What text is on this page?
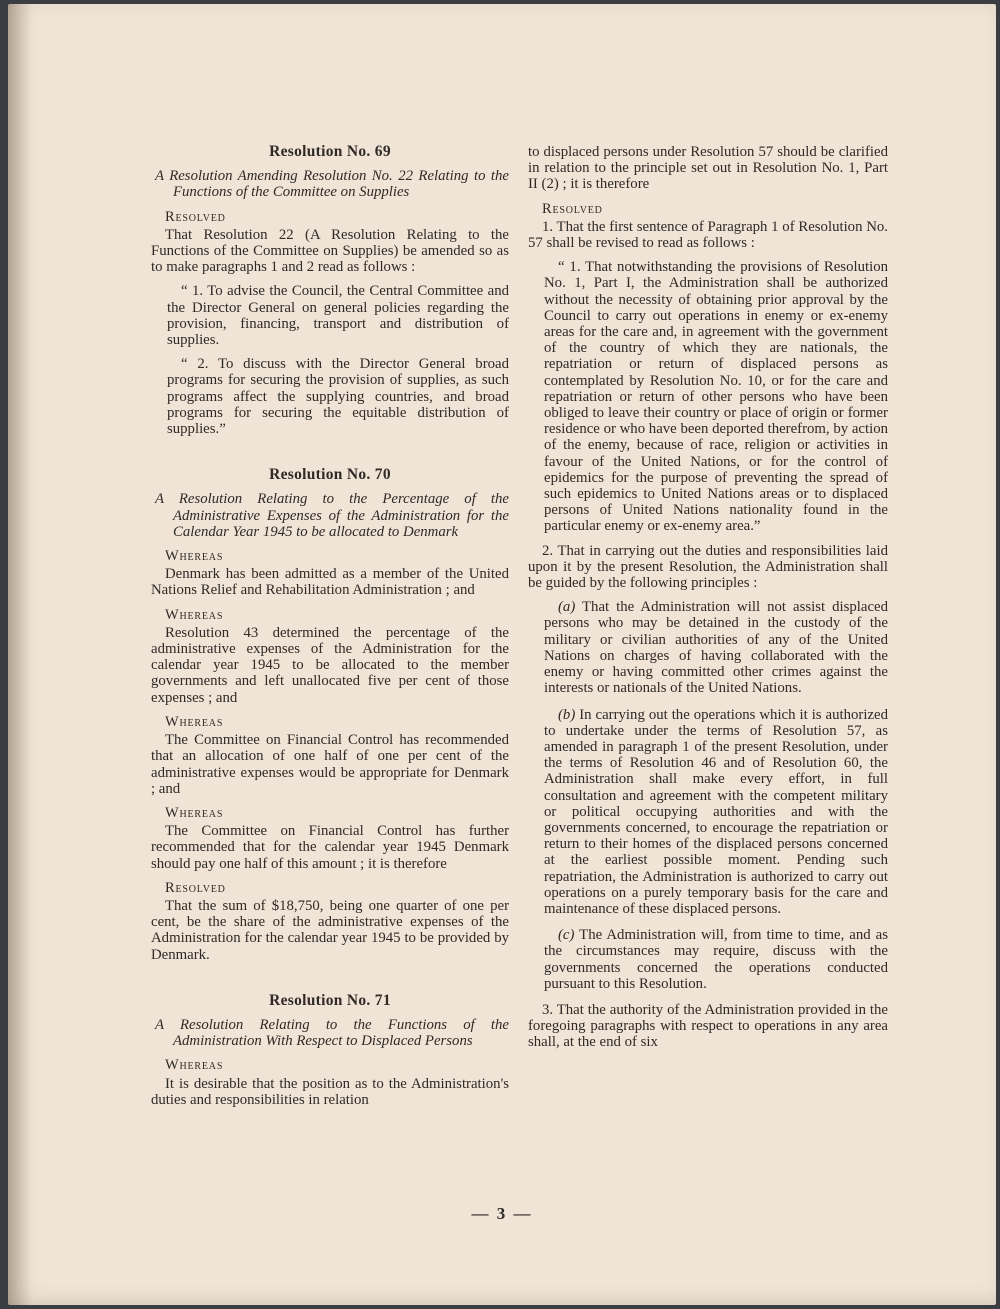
Resolution No. 69

A Resolution Amending Resolution No. 22 Relating to the Functions of the Committee on Supplies

Resolved

That Resolution 22 (A Resolution Relating to the Functions of the Committee on Supplies) be amended so as to make paragraphs 1 and 2 read as follows :

“ 1. To advise the Council, the Central Committee and the Director General on general policies regarding the provision, financing, transport and distribution of supplies.

“ 2. To discuss with the Director General broad programs for securing the provision of supplies, as such programs affect the supplying countries, and broad programs for securing the equitable distribution of supplies.”

Resolution No. 70

A Resolution Relating to the Percentage of the Administrative Expenses of the Administration for the Calendar Year 1945 to be allocated to Denmark

Whereas

Denmark has been admitted as a member of the United Nations Relief and Rehabilitation Administration ; and

Whereas

Resolution 43 determined the percentage of the administrative expenses of the Administration for the calendar year 1945 to be allocated to the member governments and left unallocated five per cent of those expenses ; and

Whereas

The Committee on Financial Control has recommended that an allocation of one half of one per cent of the administrative expenses would be appropriate for Denmark ; and

Whereas

The Committee on Financial Control has further recommended that for the calendar year 1945 Denmark should pay one half of this amount ; it is therefore

Resolved

That the sum of $18,750, being one quarter of one per cent, be the share of the administrative expenses of the Administration for the calendar year 1945 to be provided by Denmark.

Resolution No. 71

A Resolution Relating to the Functions of the Administration With Respect to Displaced Persons

Whereas

It is desirable that the position as to the Administration's duties and responsibilities in relation

to displaced persons under Resolution 57 should be clarified in relation to the principle set out in Resolution No. 1, Part II (2) ; it is therefore

Resolved

1. That the first sentence of Paragraph 1 of Resolution No. 57 shall be revised to read as follows :

“ 1. That notwithstanding the provisions of Resolution No. 1, Part I, the Administration shall be authorized without the necessity of obtaining prior approval by the Council to carry out operations in enemy or ex-enemy areas for the care and, in agreement with the government of the country of which they are nationals, the repatriation or return of displaced persons as contemplated by Resolution No. 10, or for the care and repatriation or return of other persons who have been obliged to leave their country or place of origin or former residence or who have been deported therefrom, by action of the enemy, because of race, religion or activities in favour of the United Nations, or for the control of epidemics for the purpose of preventing the spread of such epidemics to United Nations areas or to displaced persons of United Nations nationality found in the particular enemy or ex-enemy area.”

2. That in carrying out the duties and responsibilities laid upon it by the present Resolution, the Administration shall be guided by the following principles :

(a) That the Administration will not assist displaced persons who may be detained in the custody of the military or civilian authorities of any of the United Nations on charges of having collaborated with the enemy or having committed other crimes against the interests or nationals of the United Nations.

(b) In carrying out the operations which it is authorized to undertake under the terms of Resolution 57, as amended in paragraph 1 of the present Resolution, under the terms of Resolution 46 and of Resolution 60, the Administration shall make every effort, in full consultation and agreement with the competent military or political occupying authorities and with the governments concerned, to encourage the repatriation or return to their homes of the displaced persons concerned at the earliest possible moment. Pending such repatriation, the Administration is authorized to carry out operations on a purely temporary basis for the care and maintenance of these displaced persons.

(c) The Administration will, from time to time, and as the circumstances may require, discuss with the governments concerned the operations conducted pursuant to this Resolution.

3. That the authority of the Administration provided in the foregoing paragraphs with respect to operations in any area shall, at the end of six

— 3 —
